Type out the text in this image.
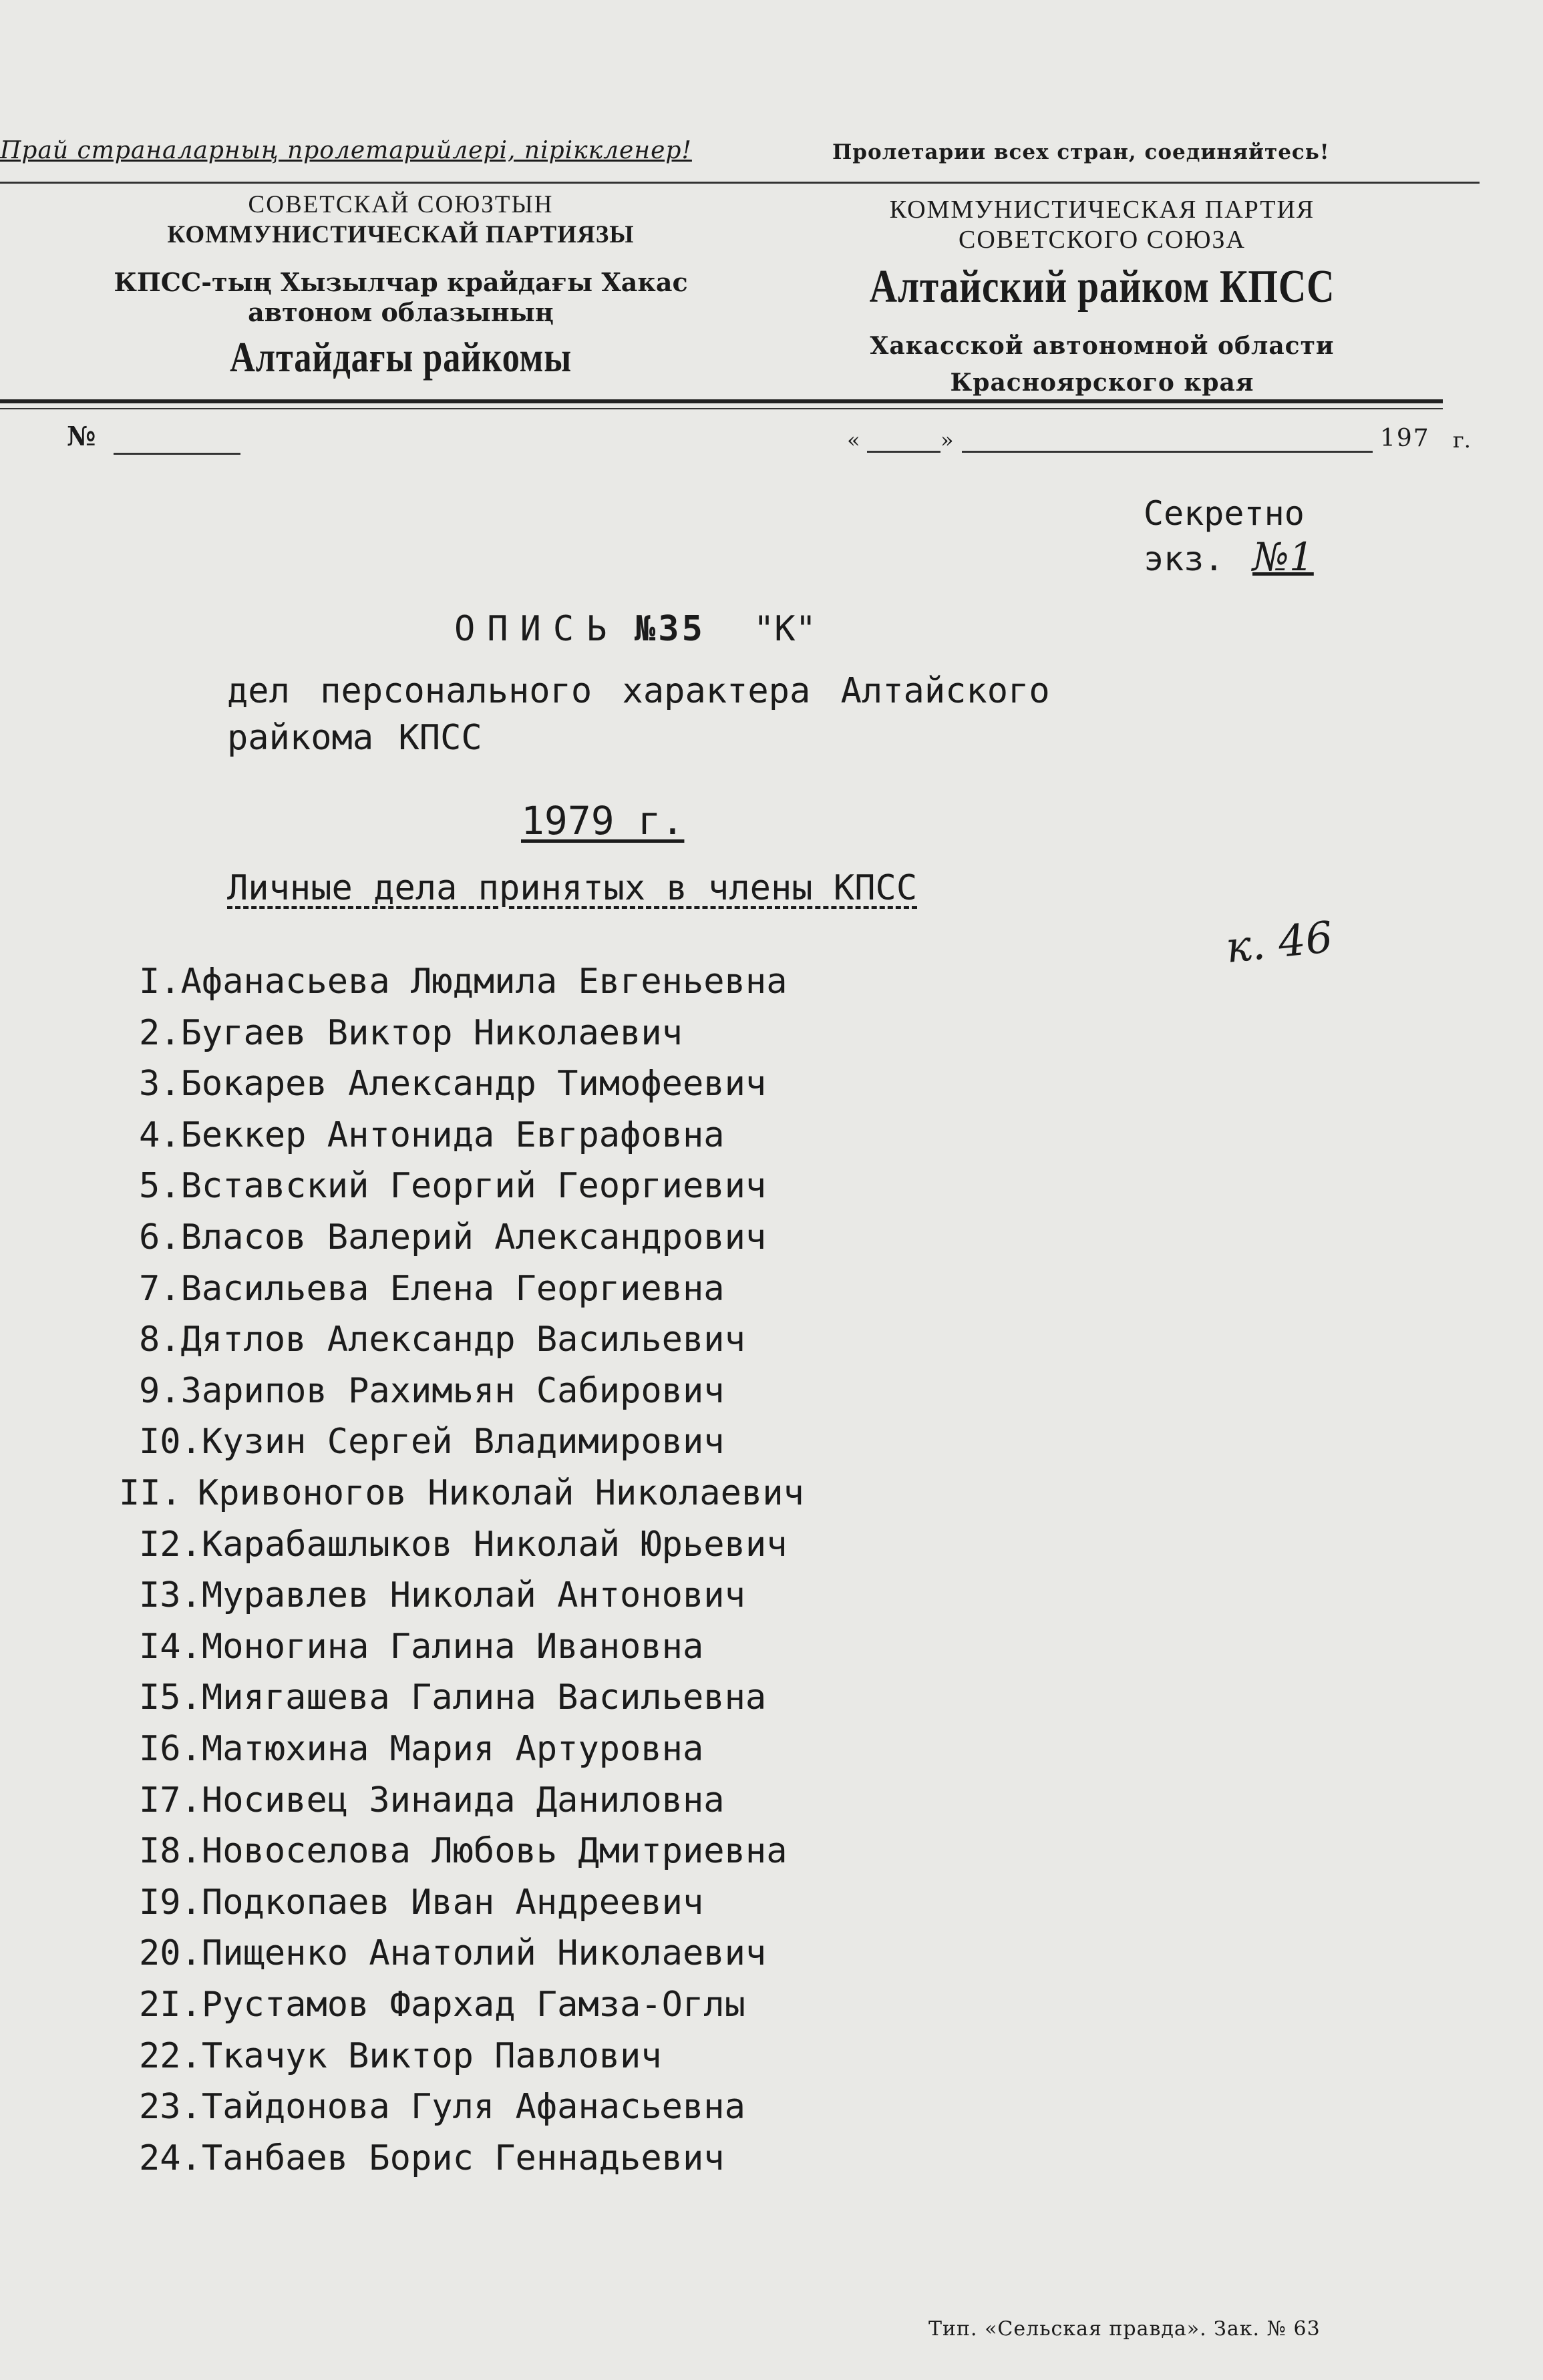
Прай страналарның пролетарийлері, піріккленер!	Пролетарии всех стран, соединяйтесь!
СОВЕТСКАЙ СОЮЗТЫН
КОММУНИСТИЧЕСКАЙ ПАРТИЯЗЫ
КПСС-тың Хызылчар крайдағы Хакас
автоном облазының
Алтайдағы райкомы
КОММУНИСТИЧЕСКАЯ ПАРТИЯ
СОВЕТСКОГО СОЮЗА
Алтайский райком КПСС
Хакасской автономной области
Красноярского края
№	«	»	197 г.
Секретно
экз. №1
ОПИСЬ №35 "К"
дел персонального характера Алтайского
райкома КПСС
1979 г.
Личные дела принятых в члены КПСС
к. 46
I.Афанасьева Людмила Евгеньевна
2.Бугаев Виктор Николаевич
3.Бокарев Александр Тимофеевич
4.Беккер Антонида Евграфовна
5.Вставский Георгий Георгиевич
6.Власов Валерий Александрович
7.Васильева Елена Георгиевна
8.Дятлов Александр Васильевич
9.Зарипов Рахимьян Сабирович
I0.Кузин Сергей Владимирович
II. Кривоногов Николай Николаевич
I2.Карабашлыков Николай Юрьевич
I3.Муравлев Николай Антонович
I4.Моногина Галина Ивановна
I5.Миягашева Галина Васильевна
I6.Матюхина Мария Артуровна
I7.Носивец Зинаида Даниловна
I8.Новоселова Любовь Дмитриевна
I9.Подкопаев Иван Андреевич
20.Пищенко Анатолий Николаевич
2I.Рустамов Фархад Гамза-Оглы
22.Ткачук Виктор Павлович
23.Тайдонова Гуля Афанасьевна
24.Танбаев Борис Геннадьевич
Тип. «Сельская правда». Зак. № 63
